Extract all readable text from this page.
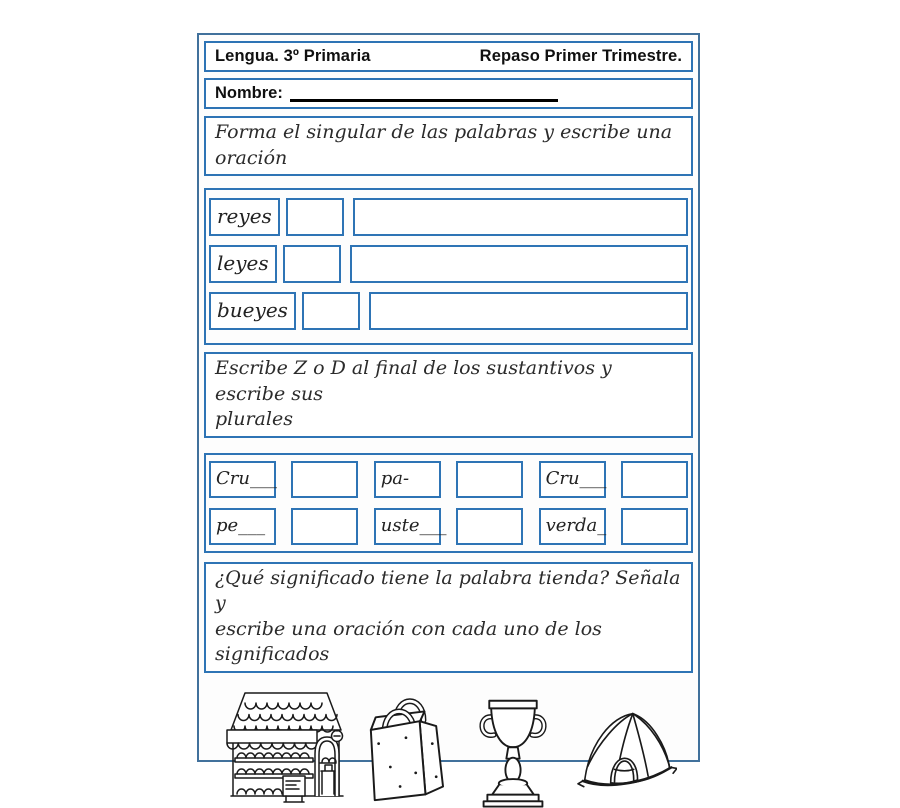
Lengua. 3º Primaria	Repaso Primer Trimestre.
Nombre:
Forma el singular de las palabras y escribe una
oración
reyes
leyes
bueyes
Escribe Z o D al final de los sustantivos y escribe sus
plurales
Cru___	pa-	Cru___
pe___	uste___	verda_
¿Qué significado tiene la palabra tienda? Señala y
escribe una oración con cada uno de los significados
